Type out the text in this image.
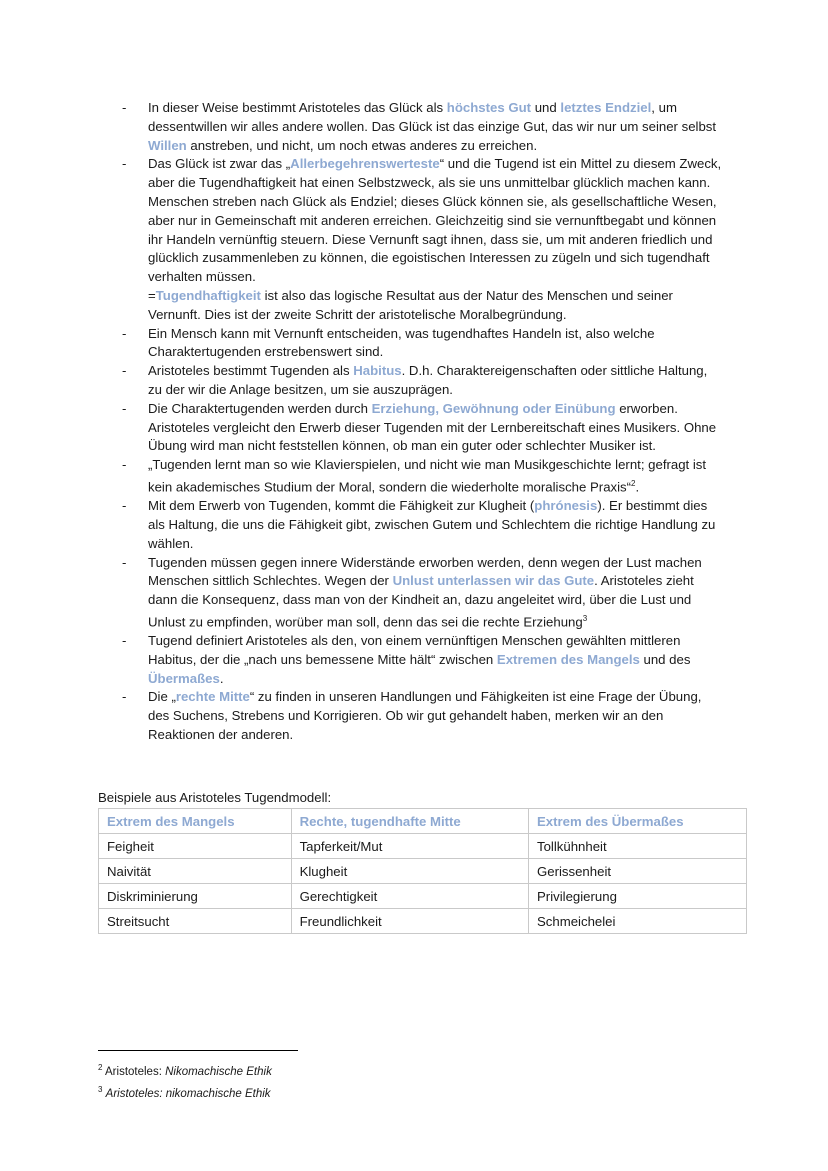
- In dieser Weise bestimmt Aristoteles das Glück als höchstes Gut und letztes Endziel, um dessentwillen wir alles andere wollen. Das Glück ist das einzige Gut, das wir nur um seiner selbst Willen anstreben, und nicht, um noch etwas anderes zu erreichen.
- Das Glück ist zwar das „Allerbegehrenswerteste“ und die Tugend ist ein Mittel zu diesem Zweck, aber die Tugendhaftigkeit hat einen Selbstzweck, als sie uns unmittelbar glücklich machen kann.
Menschen streben nach Glück als Endziel; dieses Glück können sie, als gesellschaftliche Wesen, aber nur in Gemeinschaft mit anderen erreichen. Gleichzeitig sind sie vernunftbegabt und können ihr Handeln vernünftig steuern. Diese Vernunft sagt ihnen, dass sie, um mit anderen friedlich und glücklich zusammenleben zu können, die egoistischen Interessen zu zügeln und sich tugendhaft verhalten müssen.
=Tugendhaftigkeit ist also das logische Resultat aus der Natur des Menschen und seiner Vernunft. Dies ist der zweite Schritt der aristotelische Moralbegründung.
- Ein Mensch kann mit Vernunft entscheiden, was tugendhaftes Handeln ist, also welche Charaktertugenden erstrebenswert sind.
- Aristoteles bestimmt Tugenden als Habitus. D.h. Charaktereigenschaften oder sittliche Haltung, zu der wir die Anlage besitzen, um sie auszuprägen.
- Die Charaktertugenden werden durch Erziehung, Gewöhnung oder Einübung erworben. Aristoteles vergleicht den Erwerb dieser Tugenden mit der Lernbereitschaft eines Musikers. Ohne Übung wird man nicht feststellen können, ob man ein guter oder schlechter Musiker ist.
- „Tugenden lernt man so wie Klavierspielen, und nicht wie man Musikgeschichte lernt; gefragt ist kein akademisches Studium der Moral, sondern die wiederholte moralische Praxis“$^2$.
- Mit dem Erwerb von Tugenden, kommt die Fähigkeit zur Klugheit (phrónesis). Er bestimmt dies als Haltung, die uns die Fähigkeit gibt, zwischen Gutem und Schlechtem die richtige Handlung zu wählen.
- Tugenden müssen gegen innere Widerstände erworben werden, denn wegen der Lust machen Menschen sittlich Schlechtes. Wegen der Unlust unterlassen wir das Gute. Aristoteles zieht dann die Konsequenz, dass man von der Kindheit an, dazu angeleitet wird, über die Lust und Unlust zu empfinden, worüber man soll, denn das sei die rechte Erziehung$^3$
- Tugend definiert Aristoteles als den, von einem vernünftigen Menschen gewählten mittleren Habitus, der die „nach uns bemessene Mitte hält“ zwischen Extremen des Mangels und des Übermaßes.
- Die „rechte Mitte“ zu finden in unseren Handlungen und Fähigkeiten ist eine Frage der Übung, des Suchens, Strebens und Korrigieren. Ob wir gut gehandelt haben, merken wir an den Reaktionen der anderen.
Beispiele aus Aristoteles Tugendmodell:
Extrem des Mangels	Rechte, tugendhafte Mitte	Extrem des Übermaßes
Feigheit	Tapferkeit/Mut	Tollkühnheit
Naivität	Klugheit	Gerissenheit
Diskriminierung	Gerechtigkeit	Privilegierung
Streitsucht	Freundlichkeit	Schmeichelei
$^2$ Aristoteles: Nikomachische Ethik
$^3$ Aristoteles: nikomachische Ethik
